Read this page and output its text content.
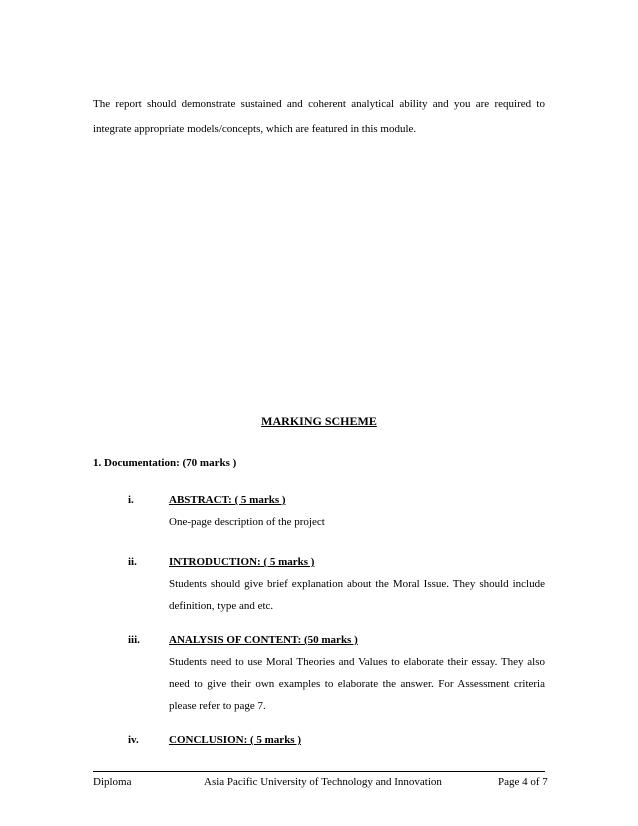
The report should demonstrate sustained and coherent analytical ability and you are required to integrate appropriate models/concepts, which are featured in this module.
MARKING SCHEME
1. Documentation: (70 marks )
i.	ABSTRACT: ( 5 marks )
One-page description of the project
ii.	INTRODUCTION: ( 5 marks )
Students should give brief explanation about the Moral Issue. They should include definition, type and etc.
iii.	ANALYSIS OF CONTENT: (50 marks )
Students need to use Moral Theories and Values to elaborate their essay. They also need to give their own examples to elaborate the answer. For Assessment criteria please refer to page 7.
iv.	CONCLUSION: ( 5 marks )
Diploma	Asia Pacific University of Technology and Innovation	Page 4 of 7
